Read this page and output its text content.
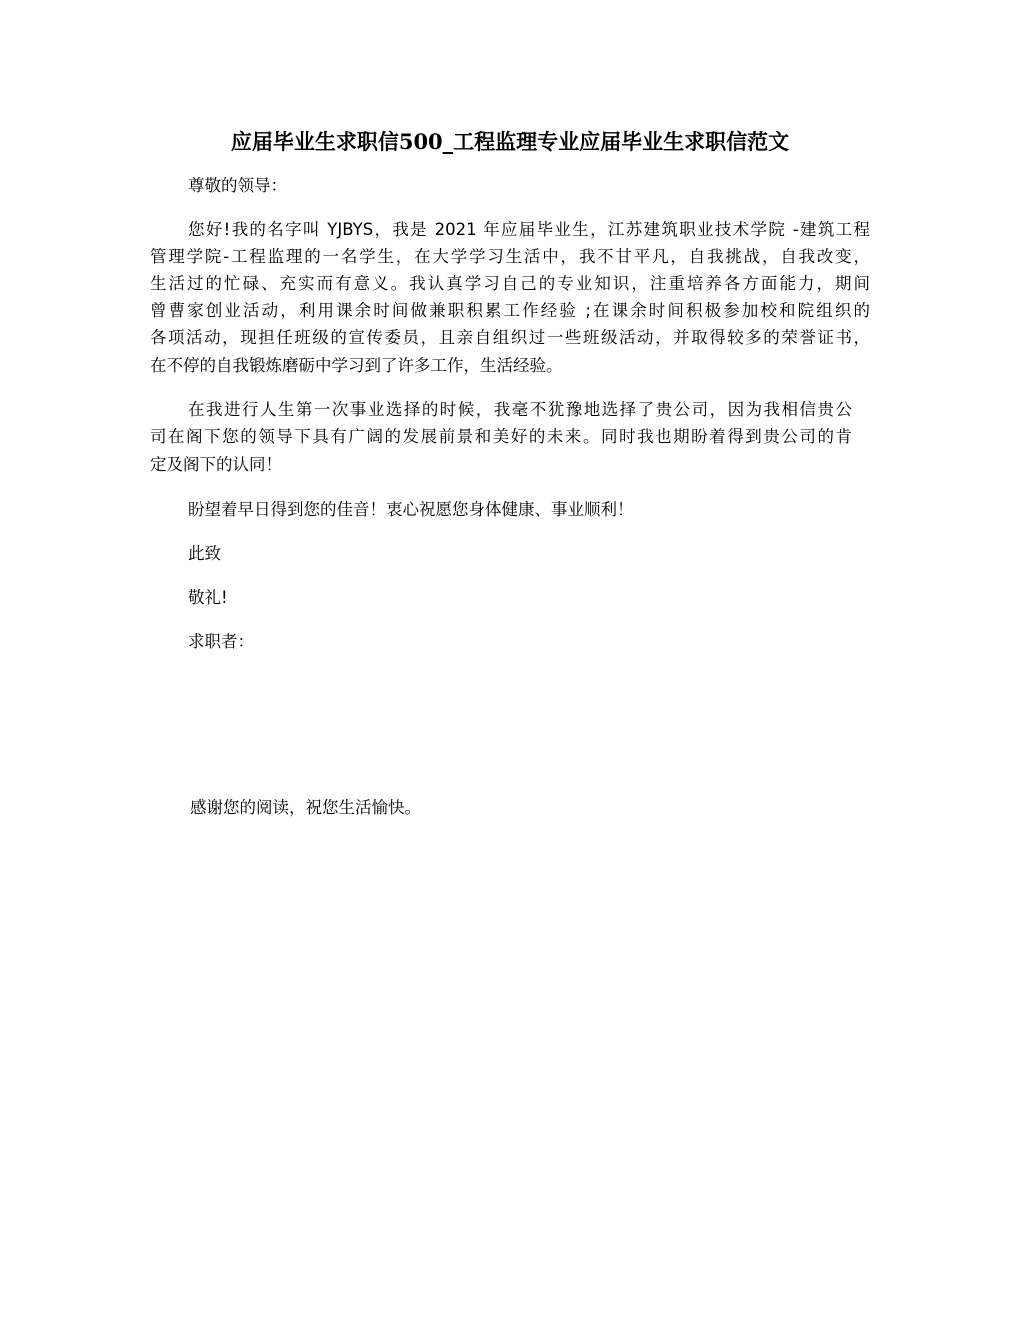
应届毕业生求职信500_工程监理专业应届毕业生求职信范文
尊敬的领导：
您好!我的名字叫 YJBYS，我是 2021 年应届毕业生，江苏建筑职业技术学院 -建筑工程
管理学院-工程监理的一名学生，在大学学习生活中，我不甘平凡，自我挑战，自我改变，
生活过的忙碌、充实而有意义。我认真学习自己的专业知识，注重培养各方面能力，期间
曾曹家创业活动，利用课余时间做兼职积累工作经验 ;在课余时间积极参加校和院组织的
各项活动，现担任班级的宣传委员，且亲自组织过一些班级活动，并取得较多的荣誉证书，
在不停的自我锻炼磨砺中学习到了许多工作，生活经验。
在我进行人生第一次事业选择的时候，我毫不犹豫地选择了贵公司，因为我相信贵公
司在阁下您的领导下具有广阔的发展前景和美好的未来。同时我也期盼着得到贵公司的肯
定及阁下的认同！
盼望着早日得到您的佳音！衷心祝愿您身体健康、事业顺利！
此致
敬礼!
求职者：
感谢您的阅读，祝您生活愉快。
